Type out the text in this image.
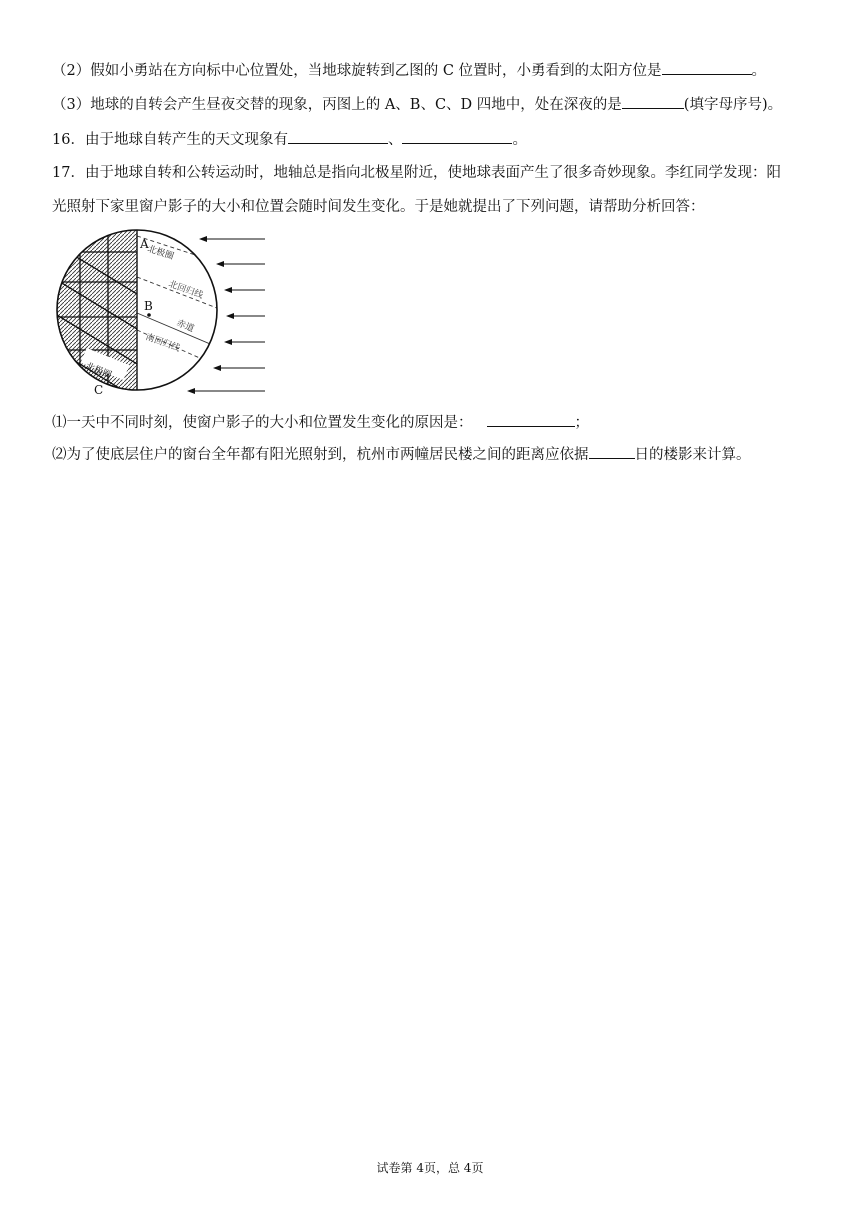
（2）假如小勇站在方向标中心位置处，当地球旋转到乙图的 C 位置时，小勇看到的太阳方位是	。
（3）地球的自转会产生昼夜交替的现象，丙图上的 A、B、C、D 四地中，处在深夜的是	(填字母序号)。
16．由于地球自转产生的天文现象有	、	。
17．由于地球自转和公转运动时，地轴总是指向北极星附近，使地球表面产生了很多奇妙现象。李红同学发现：阳
光照射下家里窗户影子的大小和位置会随时间发生变化。于是她就提出了下列问题，请帮助分析回答：
A
北极圈
北回归线
B
赤道
南回归线
北极圈
C
⑴一天中不同时刻，使窗户影子的大小和位置发生变化的原因是：	；
⑵为了使底层住户的窗台全年都有阳光照射到，杭州市两幢居民楼之间的距离应依据	日的楼影来计算。
试卷第 4页，总 4页
